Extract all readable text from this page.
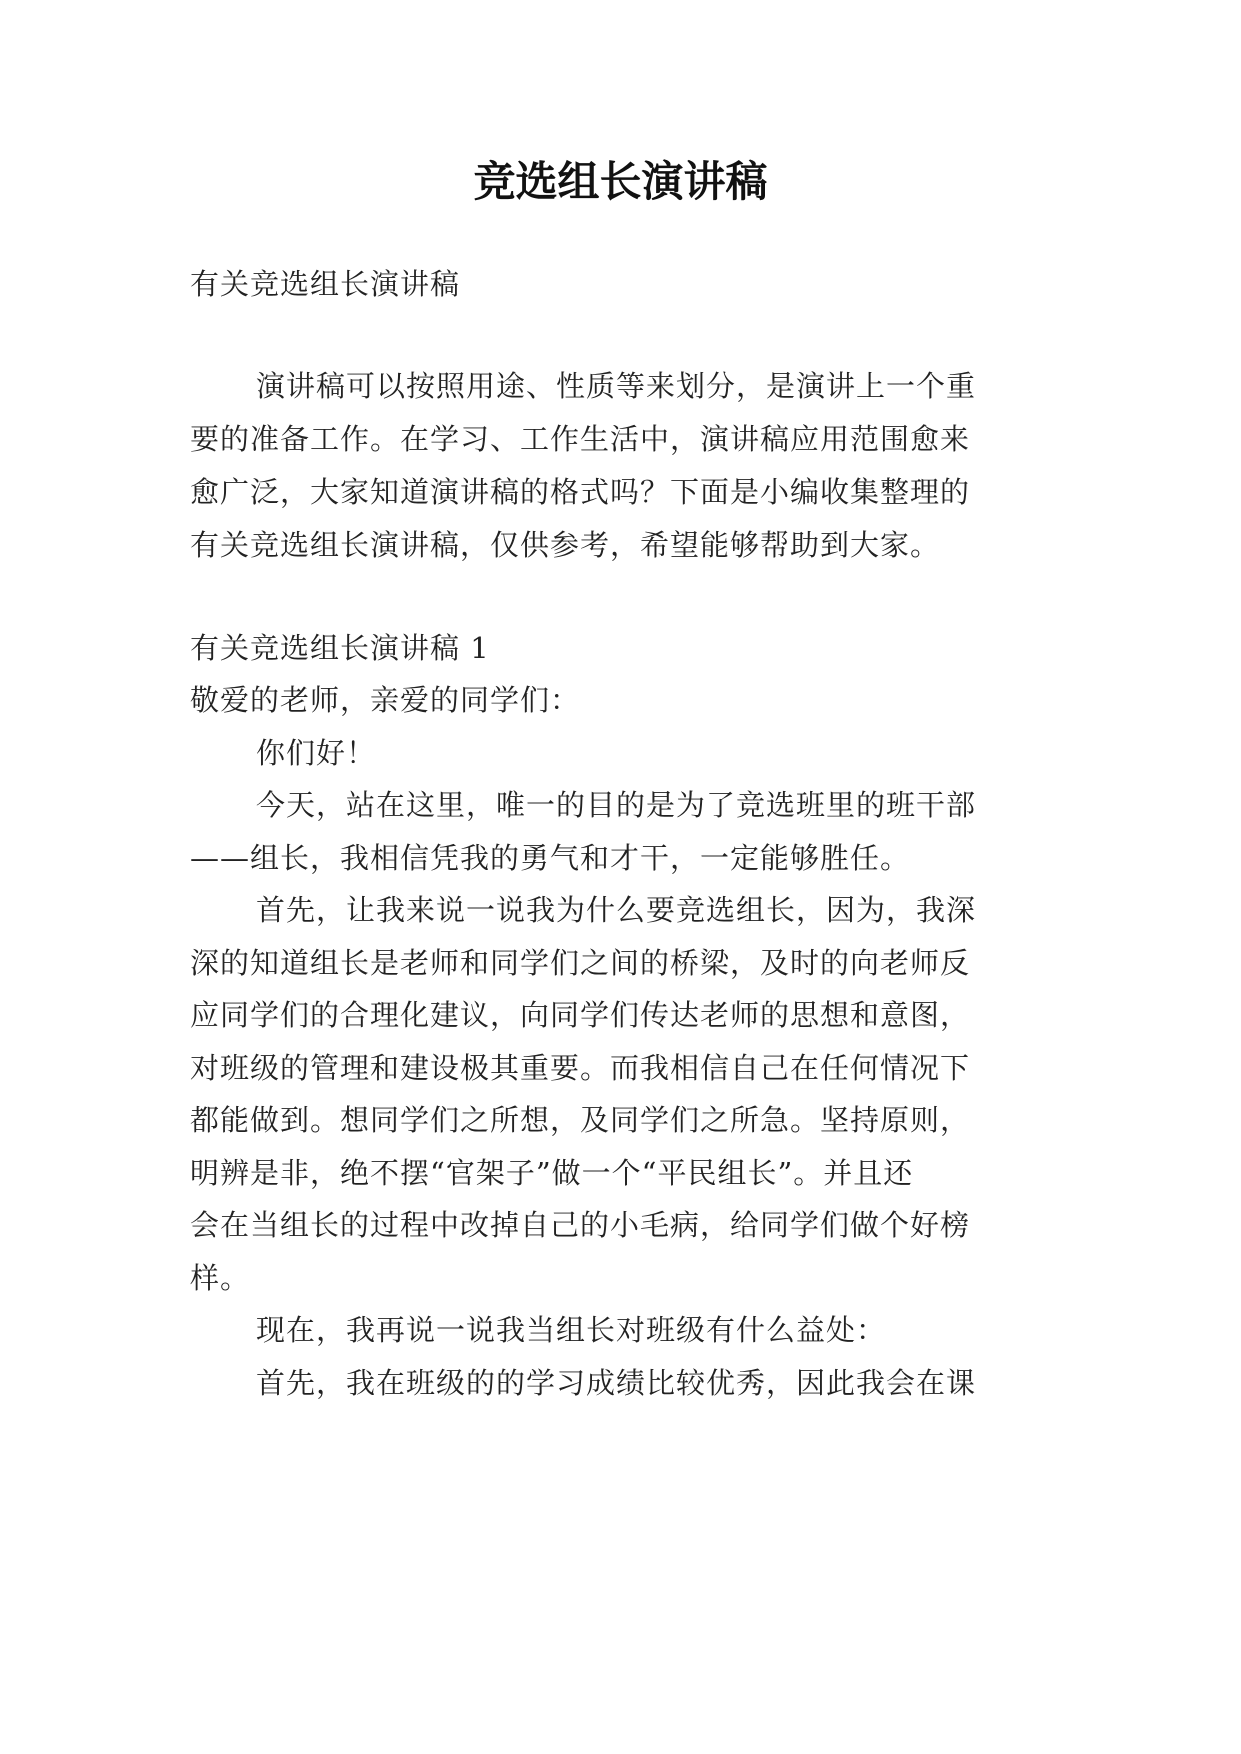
竞选组长演讲稿

有关竞选组长演讲稿

演讲稿可以按照用途、性质等来划分，是演讲上一个重

要的准备工作。在学习、工作生活中，演讲稿应用范围愈来

愈广泛，大家知道演讲稿的格式吗？下面是小编收集整理的

有关竞选组长演讲稿，仅供参考，希望能够帮助到大家。

有关竞选组长演讲稿 1

敬爱的老师，亲爱的同学们：

你们好！

今天，站在这里，唯一的目的是为了竞选班里的班干部

——组长，我相信凭我的勇气和才干，一定能够胜任。

首先，让我来说一说我为什么要竞选组长，因为，我深

深的知道组长是老师和同学们之间的桥梁，及时的向老师反

应同学们的合理化建议，向同学们传达老师的思想和意图，

对班级的管理和建设极其重要。而我相信自己在任何情况下

都能做到。想同学们之所想，及同学们之所急。坚持原则，

明辨是非，绝不摆“官架子”做一个“平民组长”。并且还

会在当组长的过程中改掉自己的小毛病，给同学们做个好榜

样。

现在，我再说一说我当组长对班级有什么益处：

首先，我在班级的的学习成绩比较优秀，因此我会在课
